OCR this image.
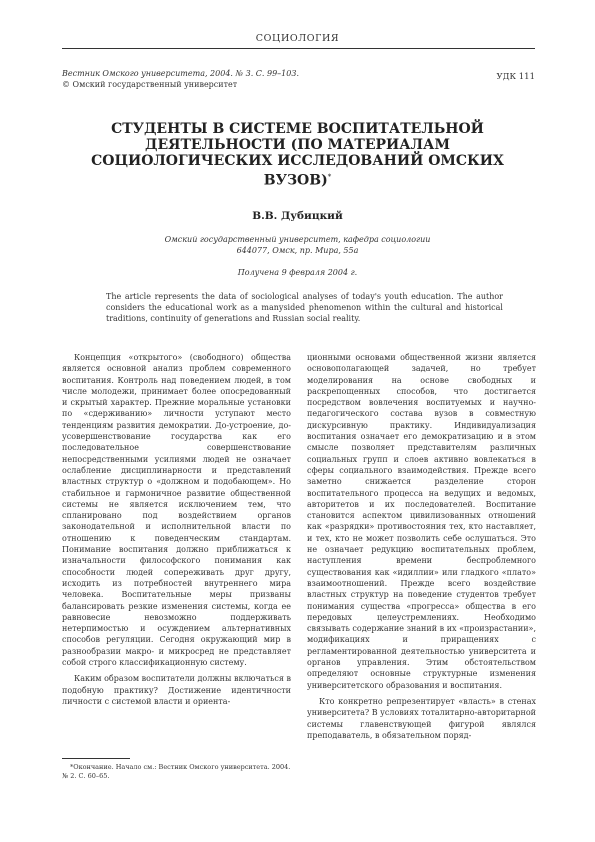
СОЦИОЛОГИЯ
Вестник Омского университета, 2004. № 3. С. 99–103.
© Омский государственный университет
УДК 111
СТУДЕНТЫ В СИСТЕМЕ ВОСПИТАТЕЛЬНОЙ ДЕЯТЕЛЬНОСТИ (ПО МАТЕРИАЛАМ СОЦИОЛОГИЧЕСКИХ ИССЛЕДОВАНИЙ ОМСКИХ ВУЗОВ)*
В.В. Дубицкий
Омский государственный университет, кафедра социологии
644077, Омск, пр. Мира, 55а
Получена 9 февраля 2004 г.
The article represents the data of sociological analyses of today's youth education. The author considers the educational work as a manysided phenomenon within the cultural and historical traditions, continuity of generations and Russian social reality.

Концепция «открытого» (свободного) общества является основной анализ проблем современного воспитания. Контроль над поведением людей, в том числе молодежи, принимает более опосредованный и скрытый характер. Прежние моральные установки по «сдерживанию» личности уступают место тенденциям развития демократии. До-устроение, до-усовершенствование государства как его последовательное совершенствование непосредственными усилиями людей не означает ослабление дисциплинарности и представлений властных структур о «должном и подобающем». Но стабильное и гармоничное развитие общественной системы не является исключением тем, что спланировано под воздействием органов законодательной и исполнительной власти по отношению к поведенческим стандартам. Понимание воспитания должно приближаться к изначальности философского понимания как способности людей сопереживать друг другу, исходить из потребностей внутреннего мира человека. Воспитательные меры призваны балансировать резкие изменения системы, когда ее равновесие невозможно поддерживать нетерпимостью и осуждением альтернативных способов регуляции. Сегодня окружающий мир в разнообразии макро- и микросред не представляет собой строго классификационную систему.

Каким образом воспитатели должны включаться в подобную практику? Достижение идентичности личности с системой власти и ориента-

ционными основами общественной жизни является основополагающей задачей, но требует моделирования на основе свободных и раскрепощенных способов, что достигается посредством вовлечения воспитуемых и научно-педагогического состава вузов в совместную дискурсивную практику. Индивидуализация воспитания означает его демократизацию и в этом смысле позволяет представителям различных социальных групп и слоев активно вовлекаться в сферы социального взаимодействия. Прежде всего заметно снижается разделение сторон воспитательного процесса на ведущих и ведомых, авторитетов и их последователей. Воспитание становится аспектом цивилизованных отношений как «разрядки» противостояния тех, кто наставляет, и тех, кто не может позволить себе ослушаться. Это не означает редукцию воспитательных проблем, наступления времени беспроблемного существования как «идиллии» или гладкого «плато» взаимоотношений. Прежде всего воздействие властных структур на поведение студентов требует понимания существа «прогресса» общества в его передовых целеустремлениях. Необходимо связывать содержание знаний в их «произрастании», модификациях и приращениях с регламентированной деятельностью университета и органов управления. Этим обстоятельством определяют основные структурные изменения университетского образования и воспитания.

Кто конкретно репрезентирует «власть» в стенах университета? В условиях тоталитарно-авторитарной системы главенствующей фигурой являлся преподаватель, в обязательном поряд-

*Окончание. Начало см.: Вестник Омского университета. 2004. № 2. С. 60–65.
